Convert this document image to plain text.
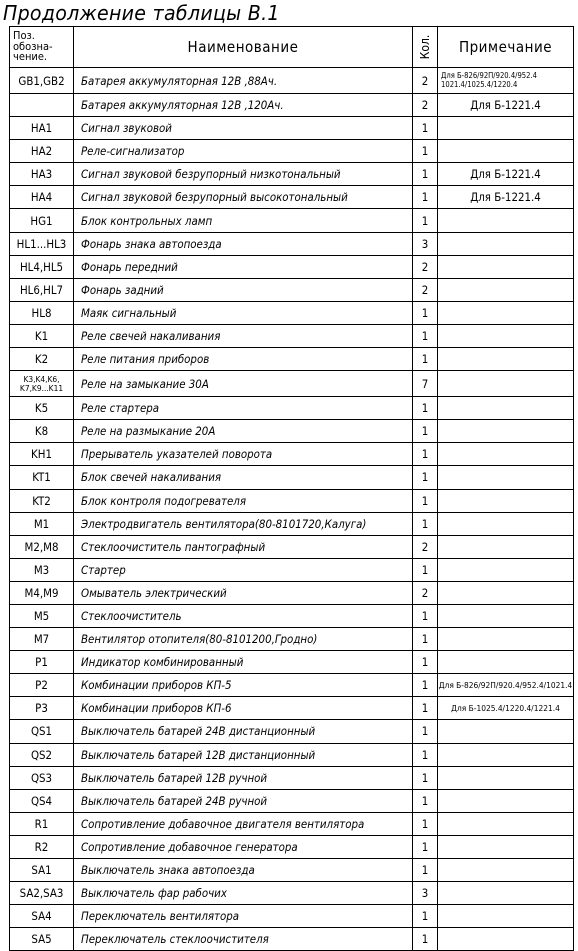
Продолжение таблицы B.1
Поз. обозна- чение.	Наименование	Кол.	Примечание
GB1,GB2	Батарея аккумуляторная 12В ,88Ач.	2	Для Б-826/92П/920.4/952.4 1021.4/1025.4/1220.4
	Батарея аккумуляторная 12В ,120Ач.	2	Для Б-1221.4
HA1	Сигнал звуковой	1	
HA2	Реле-сигнализатор	1	
HA3	Сигнал звуковой безрупорный низкотональный	1	Для Б-1221.4
HA4	Сигнал звуковой безрупорный высокотональный	1	Для Б-1221.4
HG1	Блок контрольных ламп	1	
HL1...HL3	Фонарь знака автопоезда	3	
HL4,HL5	Фонарь передний	2	
HL6,HL7	Фонарь задний	2	
HL8	Маяк сигнальный	1	
K1	Реле свечей накаливания	1	
K2	Реле питания приборов	1	
K3,K4,K6, K7,K9...K11	Реле на замыкание 30А	7	
K5	Реле стартера	1	
K8	Реле на размыкание 20А	1	
KH1	Прерыватель указателей поворота	1	
KT1	Блок свечей накаливания	1	
KT2	Блок контроля подогревателя	1	
M1	Электродвигатель вентилятора(80-8101720,Калуга)	1	
M2,M8	Стеклоочиститель пантографный	2	
M3	Стартер	1	
M4,M9	Омыватель электрический	2	
M5	Стеклоочиститель	1	
M7	Вентилятор отопителя(80-8101200,Гродно)	1	
P1	Индикатор комбинированный	1	
P2	Комбинации приборов КП-5	1	Для Б-826/92П/920.4/952.4/1021.4
P3	Комбинации приборов КП-6	1	Для Б-1025.4/1220.4/1221.4
QS1	Выключатель батарей 24В дистанционный	1	
QS2	Выключатель батарей 12В дистанционный	1	
QS3	Выключатель батарей 12В ручной	1	
QS4	Выключатель батарей 24В ручной	1	
R1	Сопротивление добавочное двигателя вентилятора	1	
R2	Сопротивление добавочное генератора	1	
SA1	Выключатель знака автопоезда	1	
SA2,SA3	Выключатель фар рабочих	3	
SA4	Переключатель вентилятора	1	
SA5	Переключатель стеклоочистителя	1	
